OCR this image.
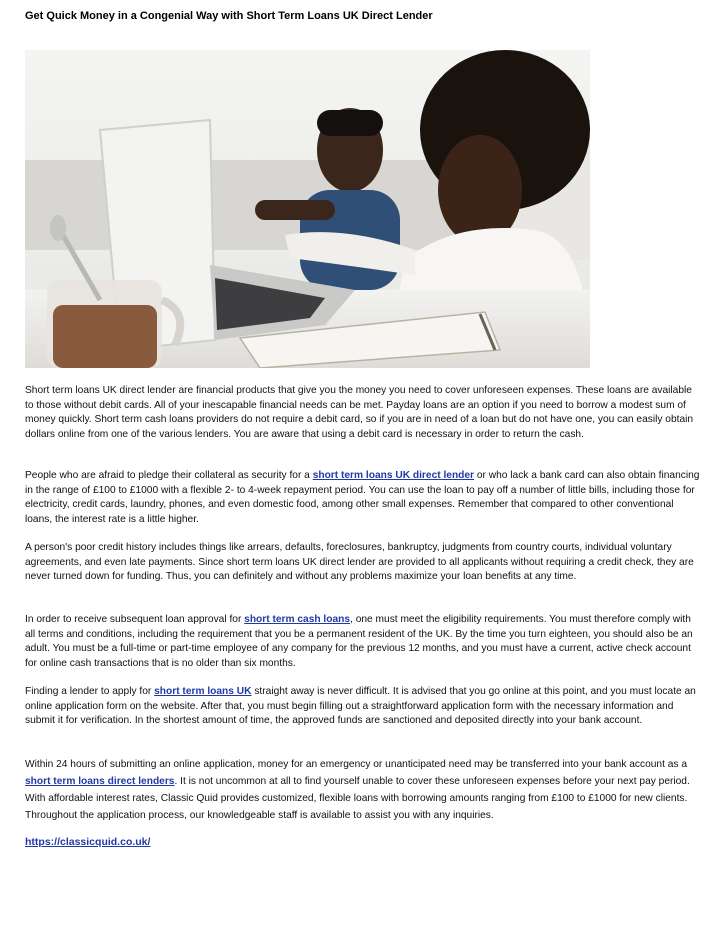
Get Quick Money in a Congenial Way with Short Term Loans UK Direct Lender

Short term loans UK direct lender are financial products that give you the money you need to cover unforeseen expenses. These loans are available to those without debit cards. All of your inescapable financial needs can be met. Payday loans are an option if you need to borrow a modest sum of money quickly. Short term cash loans providers do not require a debit card, so if you are in need of a loan but do not have one, you can easily obtain dollars online from one of the various lenders. You are aware that using a debit card is necessary in order to return the cash.

People who are afraid to pledge their collateral as security for a short term loans UK direct lender or who lack a bank card can also obtain financing in the range of £100 to £1000 with a flexible 2- to 4-week repayment period. You can use the loan to pay off a number of little bills, including those for electricity, credit cards, laundry, phones, and even domestic food, among other small expenses. Remember that compared to other conventional loans, the interest rate is a little higher.

A person's poor credit history includes things like arrears, defaults, foreclosures, bankruptcy, judgments from country courts, individual voluntary agreements, and even late payments. Since short term loans UK direct lender are provided to all applicants without requiring a credit check, they are never turned down for funding. Thus, you can definitely and without any problems maximize your loan benefits at any time.

In order to receive subsequent loan approval for short term cash loans, one must meet the eligibility requirements. You must therefore comply with all terms and conditions, including the requirement that you be a permanent resident of the UK. By the time you turn eighteen, you should also be an adult. You must be a full-time or part-time employee of any company for the previous 12 months, and you must have a current, active check account for online cash transactions that is no older than six months.

Finding a lender to apply for short term loans UK straight away is never difficult. It is advised that you go online at this point, and you must locate an online application form on the website. After that, you must begin filling out a straightforward application form with the necessary information and submit it for verification. In the shortest amount of time, the approved funds are sanctioned and deposited directly into your bank account.

Within 24 hours of submitting an online application, money for an emergency or unanticipated need may be transferred into your bank account as a short term loans direct lenders. It is not uncommon at all to find yourself unable to cover these unforeseen expenses before your next pay period. With affordable interest rates, Classic Quid provides customized, flexible loans with borrowing amounts ranging from £100 to £1000 for new clients. Throughout the application process, our knowledgeable staff is available to assist you with any inquiries.

https://classicquid.co.uk/
